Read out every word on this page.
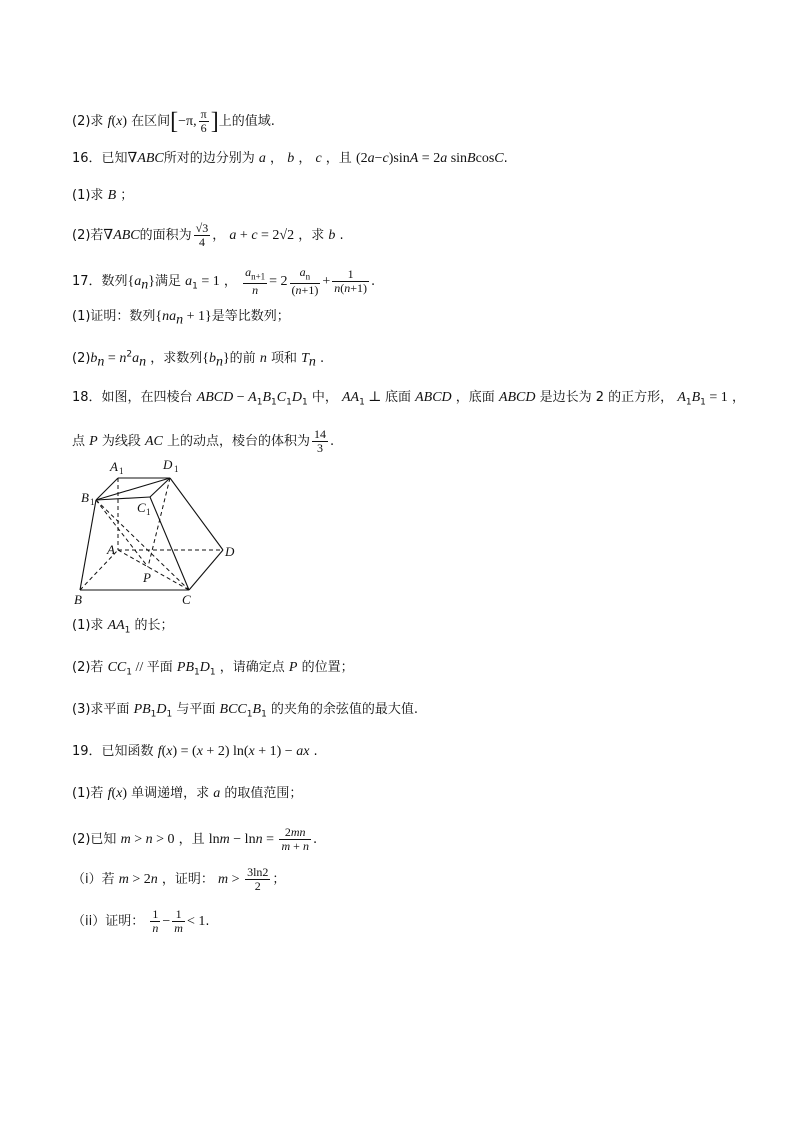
(2)求 f(x) 在区间[−π, $\frac{\pi}{6}$ ]上的值域.
16．已知∇ABC所对的边分别为 a ， b ， c ，且 (2a−c)sinA = 2a sinBcosC.
(1)求 B ；
(2)若∇ABC的面积为 $\frac{√3}{4}$ ， a + c = 2√2 ，求 b .
17．数列$\{a_n\}$满足 $a_1 = 1$ ， $\frac{a_{n+1}}{n} = 2 \frac{a_n}{(n+1)} + \frac{1}{n(n+1)}$ .
(1)证明：数列$\{na_n + 1\}$是等比数列；
$(2)b_n = n^2a_n$ ，求数列$\{b_n\}$的前 n 项和 $T_n$ .
18．如图，在四棱台 ABCD − $A_1B_1C_1D_1$ 中， $AA_1$ ⊥ 底面 ABCD ，底面 ABCD 是边长为 2 的正方形， $A_1B_1 = 1$ ，
点 P 为线段 AC 上的动点，棱台的体积为 $\frac{14}{3}$ .
A 1	D 1
B 1	C 1
A	D
B	C
P
(1)求 $AA_1$ 的长；
(2)若 $CC_1$ // 平面 $PB_1D_1$ ，请确定点 P 的位置；
(3)求平面 $PB_1D_1$ 与平面 $BCC_1B_1$ 的夹角的余弦值的最大值.
19．已知函数 f(x) = (x + 2) ln(x + 1) − ax .
(1)若 f(x) 单调递增，求 a 的取值范围；
(2)已知 m > n > 0 ，且 $\ln m - \ln n = \frac{2mn}{m + n}$ .
（i）若 m > 2n ，证明： $m > \frac{3\ln 2}{2}$ ；
（ii）证明： $\frac{1}{n} - \frac{1}{m} < 1$.
